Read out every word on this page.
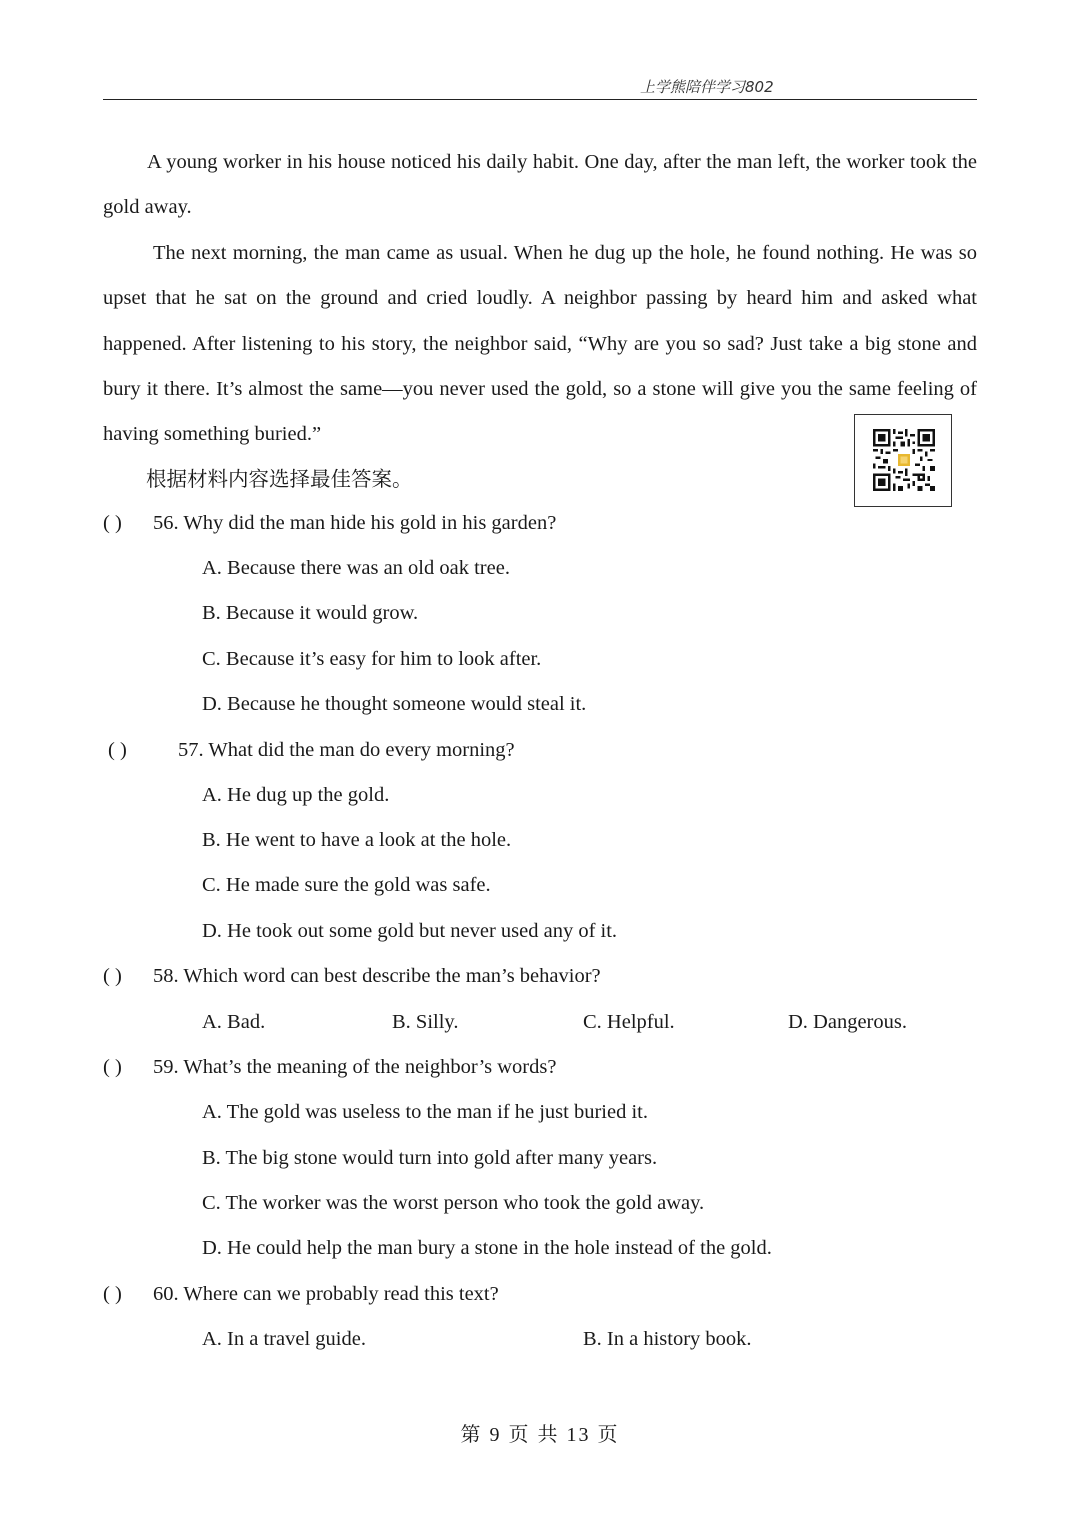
上学熊陪伴学习802

A young worker in his house noticed his daily habit. One day, after the man left, the worker took the gold away.

The next morning, the man came as usual. When he dug up the hole, he found nothing. He was so upset that he sat on the ground and cried loudly. A neighbor passing by heard him and asked what happened. After listening to his story, the neighbor said, “Why are you so sad? Just take a big stone and bury it there. It’s almost the same—you never used the gold, so a stone will give you the same feeling of having something buried.”

根据材料内容选择最佳答案。
( ) 56. Why did the man hide his gold in his garden?
A. Because there was an old oak tree.
B. Because it would grow.
C. Because it’s easy for him to look after.
D. Because he thought someone would steal it.
( ) 57. What did the man do every morning?
A. He dug up the gold.
B. He went to have a look at the hole.
C. He made sure the gold was safe.
D. He took out some gold but never used any of it.
( ) 58. Which word can best describe the man’s behavior?
A. Bad.	B. Silly.	C. Helpful.	D. Dangerous.
( ) 59. What’s the meaning of the neighbor’s words?
A. The gold was useless to the man if he just buried it.
B. The big stone would turn into gold after many years.
C. The worker was the worst person who took the gold away.
D. He could help the man bury a stone in the hole instead of the gold.
( ) 60. Where can we probably read this text?
A. In a travel guide.	B. In a history book.
第 9 页 共 13 页
